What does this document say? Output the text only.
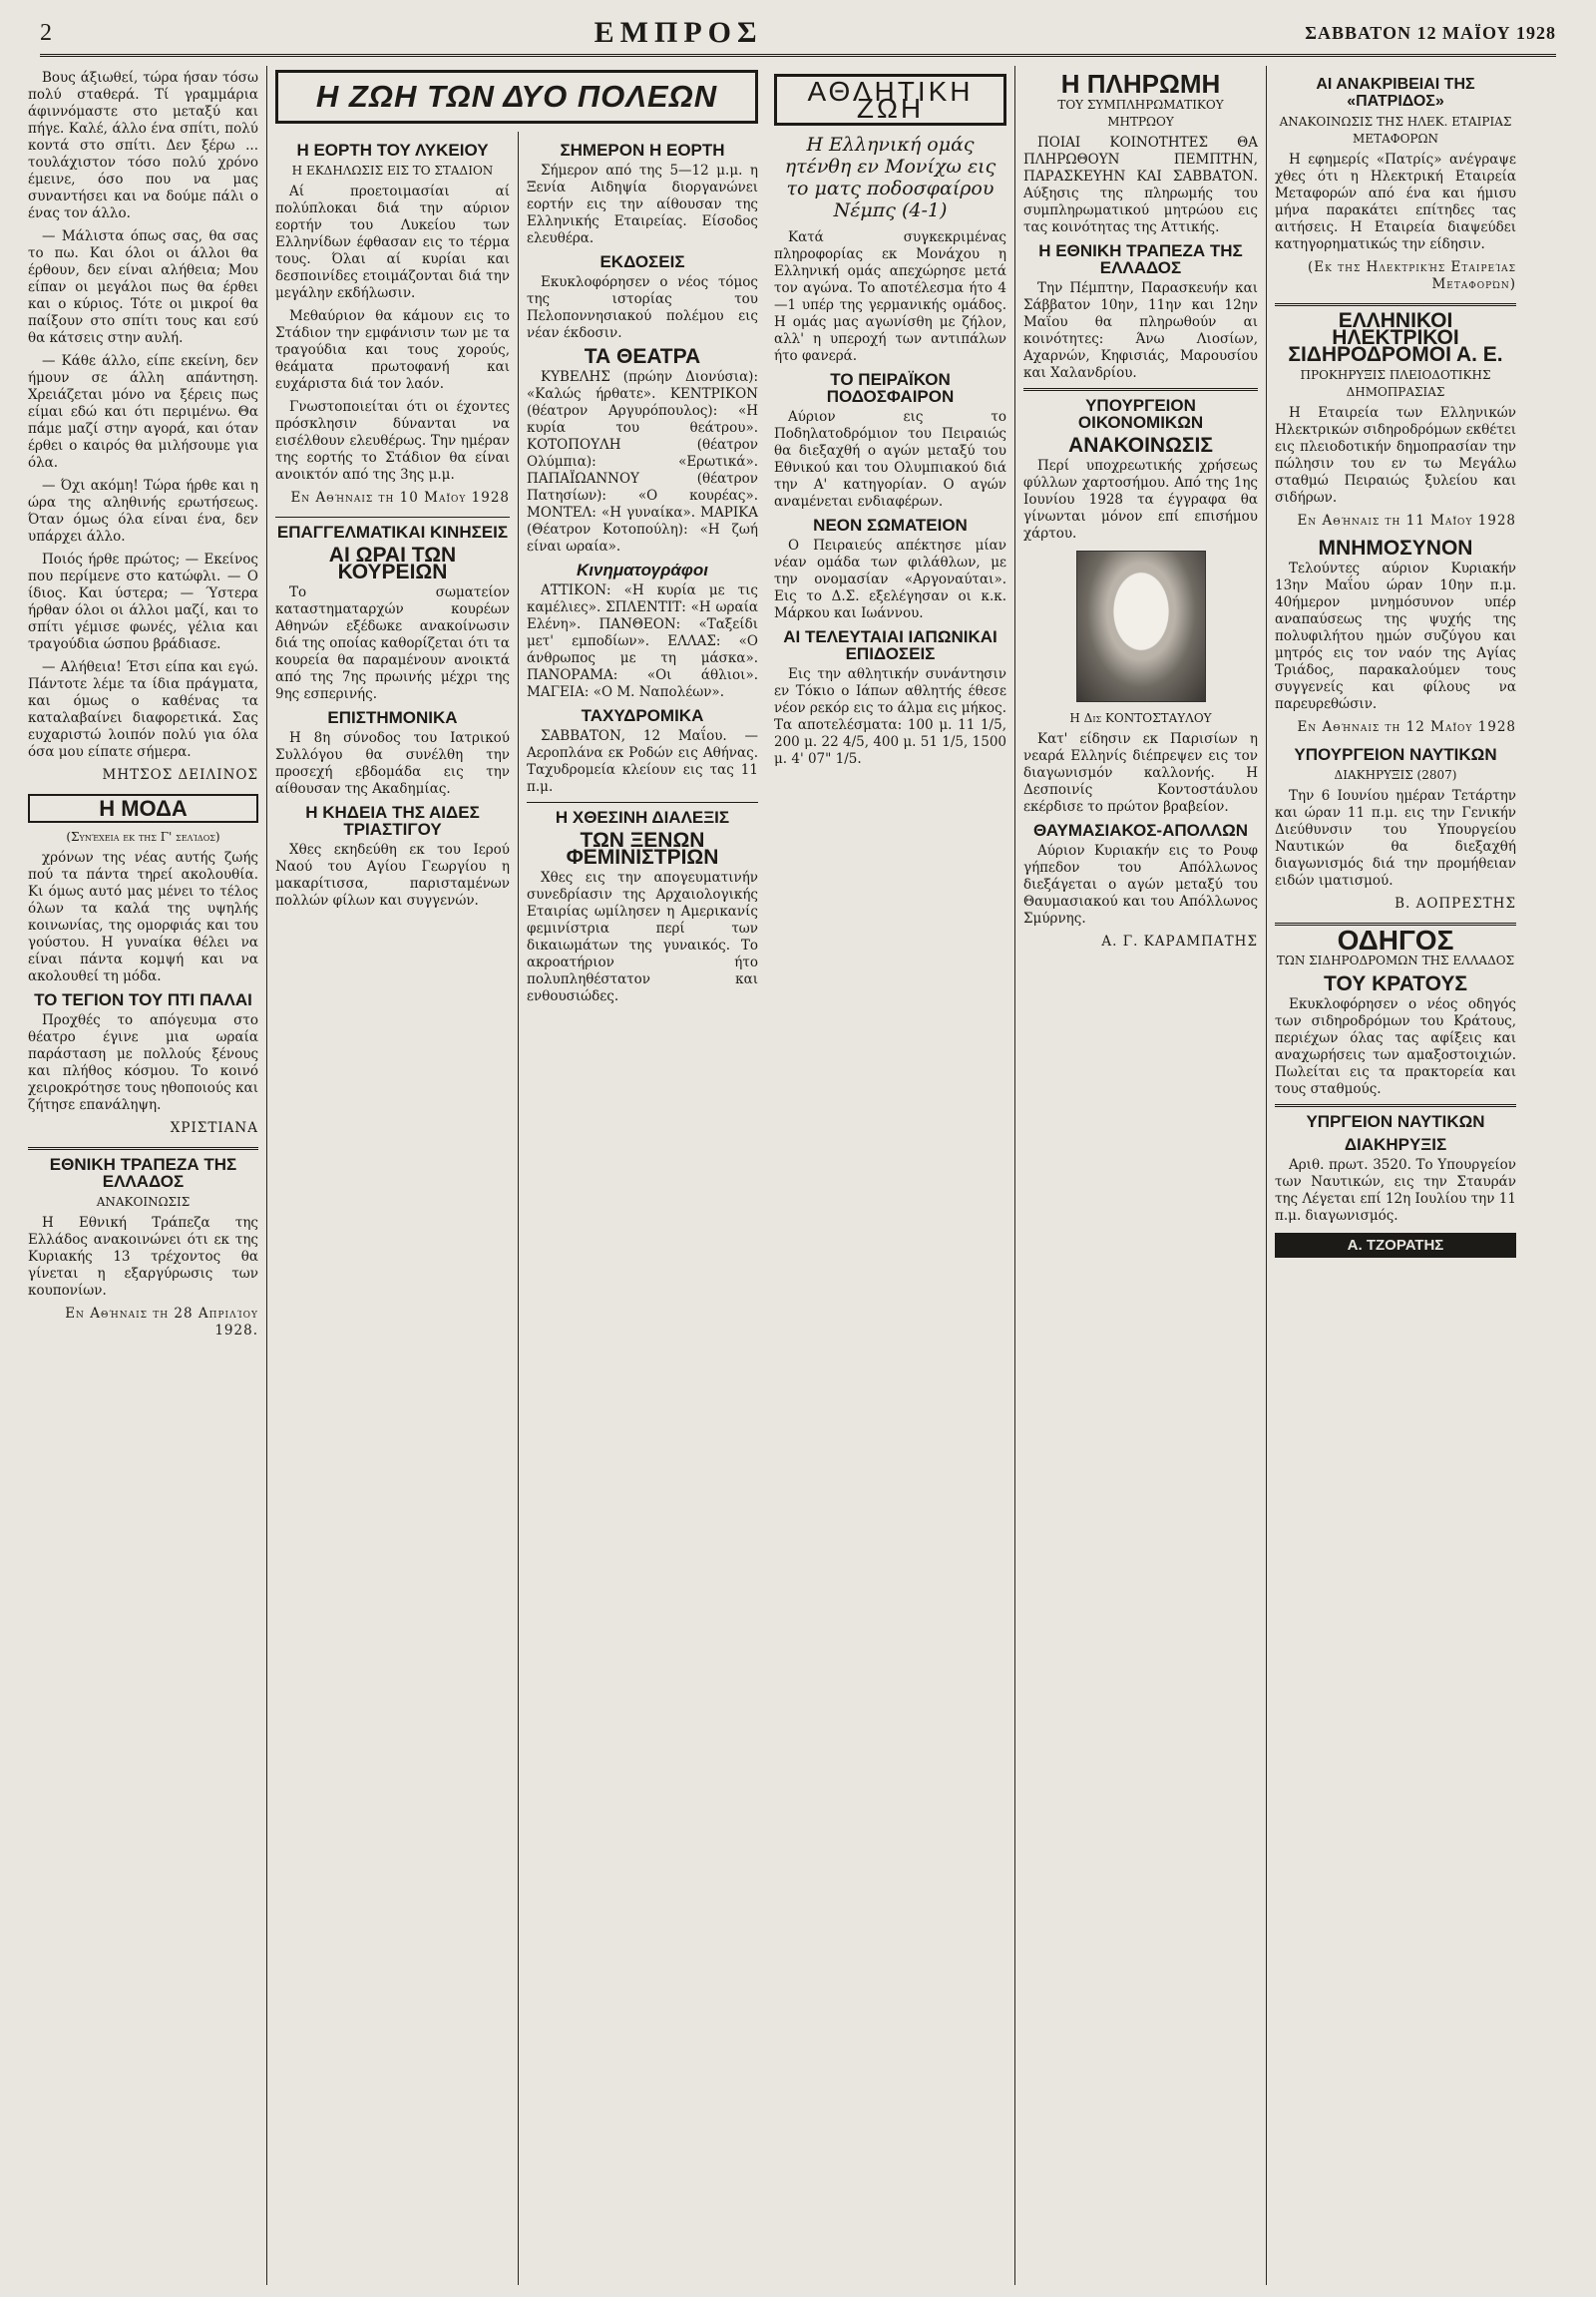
2	ΕΜΠΡΟΣ	ΣΑΒΒΑΤΟΝ 12 ΜΑΪΟΥ 1928

Βους άξιωθεί, τώρα ήσαν τόσω πολύ σταθερά. Τί γραμμάρια άφιννόμαστε στο μεταξύ και πήγε. Καλέ, άλλο ένα σπίτι, πολύ κοντά στο σπίτι. Δεν ξέρω ... τουλάχιστον τόσο πολύ χρόνο έμεινε, όσο που να μας συναντήσει και να δούμε πάλι ο ένας τον άλλο.

— Μάλιστα όπως σας, θα σας το πω. Και όλοι οι άλλοι θα έρθουν, δεν είναι αλήθεια; Μου είπαν οι μεγάλοι πως θα έρθει και ο κύριος. Τότε οι μικροί θα παίξουν στο σπίτι τους και εσύ θα κάτσεις στην αυλή.

— Κάθε άλλο, είπε εκείνη, δεν ήμουν σε άλλη απάντηση. Χρειάζεται μόνο να ξέρεις πως είμαι εδώ και ότι περιμένω. Θα πάμε μαζί στην αγορά, και όταν έρθει ο καιρός θα μιλήσουμε για όλα.

— Όχι ακόμη! Τώρα ήρθε και η ώρα της αληθινής ερωτήσεως. Όταν όμως όλα είναι ένα, δεν υπάρχει άλλο.

Ποιός ήρθε πρώτος; — Εκείνος που περίμενε στο κατώφλι. — Ο ίδιος. Και ύστερα; — Ύστερα ήρθαν όλοι οι άλλοι μαζί, και το σπίτι γέμισε φωνές, γέλια και τραγούδια ώσπου βράδιασε.

— Αλήθεια! Έτσι είπα και εγώ. Πάντοτε λέμε τα ίδια πράγματα, και όμως ο καθένας τα καταλαβαίνει διαφορετικά. Σας ευχαριστώ λοιπόν πολύ για όλα όσα μου είπατε σήμερα.

ΜΗΤΣΟΣ ΔΕΙΛΙΝΟΣ
Η ΜΟΔΑ
(Συνέχεια εκ της Γ' σελίδος)

χρόνων της νέας αυτής ζωής πού τα πάντα τηρεί ακολουθία. Κι όμως αυτό μας μένει το τέλος όλων τα καλά της υψηλής κοινωνίας, της ομορφιάς και του γούστου. Η γυναίκα θέλει να είναι πάντα κομψή και να ακολουθεί τη μόδα.

ΤΟ ΤΕΓΙΟΝ ΤΟΥ ΠΤΙ ΠΑΛΑΙ

Προχθές το απόγευμα στο θέατρο έγινε μια ωραία παράσταση με πολλούς ξένους και πλήθος κόσμου. Το κοινό χειροκρότησε τους ηθοποιούς και ζήτησε επανάληψη.

ΧΡΙΣΤΙΑΝΑ
ΕΘΝΙΚΗ ΤΡΑΠΕΖΑ ΤΗΣ ΕΛΛΑΔΟΣ
ΑΝΑΚΟΙΝΩΣΙΣ

Η Εθνική Τράπεζα της Ελλάδος ανακοινώνει ότι εκ της Κυριακής 13 τρέχοντος θα γίνεται η εξαργύρωσις των κουπονίων.

Εν Αθήναις τη 28 Απριλίου 1928.
Η ΖΩΗ ΤΩΝ ΔΥΟ ΠΟΛΕΩΝ
Η ΕΟΡΤΗ ΤΟΥ ΛΥΚΕΙΟΥ
Η ΕΚΔΗΛΩΣΙΣ ΕΙΣ ΤΟ ΣΤΑΔΙΟΝ

Αί προετοιμασίαι αί πολύπλοκαι διά την αύριον εορτήν του Λυκείου των Ελληνίδων έφθασαν εις το τέρμα τους. Όλαι αί κυρίαι και δεσποινίδες ετοιμάζονται διά την μεγάλην εκδήλωσιν.

Μεθαύριον θα κάμουν εις το Στάδιον την εμφάνισιν των με τα τραγούδια και τους χορούς, θεάματα πρωτοφανή και ευχάριστα διά τον λαόν.

Γνωστοποιείται ότι οι έχοντες πρόσκλησιν δύνανται να εισέλθουν ελευθέρως. Την ημέραν της εορτής το Στάδιον θα είναι ανοικτόν από της 3ης μ.μ.

Εν Αθήναις τη 10 Μαΐου 1928
ΕΠΑΓΓΕΛΜΑΤΙΚΑΙ ΚΙΝΗΣΕΙΣ
ΑΙ ΩΡΑΙ ΤΩΝ ΚΟΥΡΕΙΩΝ

Το σωματείον καταστηματαρχών κουρέων Αθηνών εξέδωκε ανακοίνωσιν διά της οποίας καθορίζεται ότι τα κουρεία θα παραμένουν ανοικτά από της 7ης πρωινής μέχρι της 9ης εσπερινής.

ΕΠΙΣΤΗΜΟΝΙΚΑ

Η 8η σύνοδος του Ιατρικού Συλλόγου θα συνέλθη την προσεχή εβδομάδα εις την αίθουσαν της Ακαδημίας.

Η ΚΗΔΕΙΑ ΤΗΣ ΑΙΔΕΣ ΤΡΙΑΣΤΙΓΟΥ

Χθες εκηδεύθη εκ του Ιερού Ναού του Αγίου Γεωργίου η μακαρίτισσα, παρισταμένων πολλών φίλων και συγγενών.

ΣΗΜΕΡΟΝ Η ΕΟΡΤΗ

Σήμερον από της 5—12 μ.μ. η Ξενία Αιδηψία διοργανώνει εορτήν εις την αίθουσαν της Ελληνικής Εταιρείας. Είσοδος ελευθέρα.

ΕΚΔΟΣΕΙΣ

Εκυκλοφόρησεν ο νέος τόμος της ιστορίας του Πελοποννησιακού πολέμου εις νέαν έκδοσιν.

ΤΑ ΘΕΑΤΡΑ

ΚΥΒΕΛΗΣ (πρώην Διονύσια): «Καλώς ήρθατε». ΚΕΝΤΡΙΚΟΝ (θέατρον Αργυρόπουλος): «Η κυρία του θεάτρου». ΚΟΤΟΠΟΥΛΗ (θέατρον Ολύμπια): «Ερωτικά». ΠΑΠΑΪΩΑΝΝΟΥ (θέατρον Πατησίων): «Ο κουρέας». ΜΟΝΤΕΛ: «Η γυναίκα». ΜΑΡΙΚΑ (Θέατρον Κοτοπούλη): «Η ζωή είναι ωραία».

Κινηματογράφοι

ΑΤΤΙΚΟΝ: «Η κυρία με τις καμέλιες». ΣΠΛΕΝΤΙΤ: «Η ωραία Ελένη». ΠΑΝΘΕΟΝ: «Ταξείδι μετ' εμποδίων». ΕΛΛΑΣ: «Ο άνθρωπος με τη μάσκα». ΠΑΝΟΡΑΜΑ: «Οι άθλιοι». ΜΑΓΕΙΑ: «Ο Μ. Ναπολέων».

ΤΑΧΥΔΡΟΜΙΚΑ

ΣΑΒΒΑΤΟΝ, 12 Μαΐου. — Αεροπλάνα εκ Ροδών εις Αθήνας. Ταχυδρομεία κλείουν εις τας 11 π.μ.

Η ΧΘΕΣΙΝΗ ΔΙΑΛΕΞΙΣ
ΤΩΝ ΞΕΝΩΝ ΦΕΜΙΝΙΣΤΡΙΩΝ

Χθες εις την απογευματινήν συνεδρίασιν της Αρχαιολογικής Εταιρίας ωμίλησεν η Αμερικανίς φεμινίστρια περί των δικαιωμάτων της γυναικός. Το ακροατήριον ήτο πολυπληθέστατον και ενθουσιώδες.

ΑΘΛΗΤΙΚΗ ΖΩΗ
Η Ελληνική ομάς ητένθη εν Μονίχω εις το ματς ποδοσφαίρου Νέμπς (4-1)

Κατά συγκεκριμένας πληροφορίας εκ Μονάχου η Ελληνική ομάς απεχώρησε μετά τον αγώνα. Το αποτέλεσμα ήτο 4—1 υπέρ της γερμανικής ομάδος. Η ομάς μας αγωνίσθη με ζήλον, αλλ' η υπεροχή των αντιπάλων ήτο φανερά.

ΤΟ ΠΕΙΡΑΪΚΟΝ ΠΟΔΟΣΦΑΙΡΟΝ

Αύριον εις το Ποδηλατοδρόμιον του Πειραιώς θα διεξαχθή ο αγών μεταξύ του Εθνικού και του Ολυμπιακού διά την Α' κατηγορίαν. Ο αγών αναμένεται ενδιαφέρων.

ΝΕΟΝ ΣΩΜΑΤΕΙΟΝ

Ο Πειραιεύς απέκτησε μίαν νέαν ομάδα των φιλάθλων, με την ονομασίαν «Αργοναύται». Εις το Δ.Σ. εξελέγησαν οι κ.κ. Μάρκου και Ιωάννου.

ΑΙ ΤΕΛΕΥΤΑΙΑΙ ΙΑΠΩΝΙΚΑΙ ΕΠΙΔΟΣΕΙΣ

Εις την αθλητικήν συνάντησιν εν Τόκιο ο Ιάπων αθλητής έθεσε νέον ρεκόρ εις το άλμα εις μήκος. Τα αποτελέσματα: 100 μ. 11 1/5, 200 μ. 22 4/5, 400 μ. 51 1/5, 1500 μ. 4' 07" 1/5.

Η ΠΛΗΡΩΜΗ
ΤΟΥ ΣΥΜΠΛΗΡΩΜΑΤΙΚΟΥ ΜΗΤΡΩΟΥ

ΠΟΙΑΙ ΚΟΙΝΟΤΗΤΕΣ ΘΑ ΠΛΗΡΩΘΟΥΝ ΠΕΜΠΤΗΝ, ΠΑΡΑΣΚΕΥΗΝ ΚΑΙ ΣΑΒΒΑΤΟΝ. Αύξησις της πληρωμής του συμπληρωματικού μητρώου εις τας κοινότητας της Αττικής.

Η ΕΘΝΙΚΗ ΤΡΑΠΕΖΑ ΤΗΣ ΕΛΛΑΔΟΣ

Την Πέμπτην, Παρασκευήν και Σάββατον 10ην, 11ην και 12ην Μαΐου θα πληρωθούν αι κοινότητες: Άνω Λιοσίων, Αχαρνών, Κηφισιάς, Μαρουσίου και Χαλανδρίου.

ΥΠΟΥΡΓΕΙΟΝ ΟΙΚΟΝΟΜΙΚΩΝ
ΑΝΑΚΟΙΝΩΣΙΣ

Περί υποχρεωτικής χρήσεως φύλλων χαρτοσήμου. Από της 1ης Ιουνίου 1928 τα έγγραφα θα γίνωνται μόνον επί επισήμου χάρτου.

Η Δις ΚΟΝΤΟΣΤΑΥΛΟΥ

Κατ' είδησιν εκ Παρισίων η νεαρά Ελληνίς διέπρεψεν εις τον διαγωνισμόν καλλονής. Η Δεσποινίς Κοντοστάυλου εκέρδισε το πρώτον βραβείον.

ΘΑΥΜΑΣΙΑΚΟΣ-ΑΠΟΛΛΩΝ

Αύριον Κυριακήν εις το Ρουφ γήπεδον του Απόλλωνος διεξάγεται ο αγών μεταξύ του Θαυμασιακού και του Απόλλωνος Σμύρνης.

Α. Γ. ΚΑΡΑΜΠΑΤΗΣ
ΑΙ ΑΝΑΚΡΙΒΕΙΑΙ ΤΗΣ «ΠΑΤΡΙΔΟΣ»
ΑΝΑΚΟΙΝΩΣΙΣ ΤΗΣ ΗΛΕΚ. ΕΤΑΙΡΙΑΣ ΜΕΤΑΦΟΡΩΝ

Η εφημερίς «Πατρίς» ανέγραψε χθες ότι η Ηλεκτρική Εταιρεία Μεταφορών από ένα και ήμισυ μήνα παρακάτει επίτηδες τας αιτήσεις. Η Εταιρεία διαψεύδει κατηγορηματικώς την είδησιν.

(Εκ της Ηλεκτρικής Εταιρείας Μεταφορών)
ΕΛΛΗΝΙΚΟΙ ΗΛΕΚΤΡΙΚΟΙ ΣΙΔΗΡΟΔΡΟΜΟΙ Α. Ε.
ΠΡΟΚΗΡΥΞΙΣ ΠΛΕΙΟΔΟΤΙΚΗΣ ΔΗΜΟΠΡΑΣΙΑΣ

Η Εταιρεία των Ελληνικών Ηλεκτρικών σιδηροδρόμων εκθέτει εις πλειοδοτικήν δημοπρασίαν την πώλησιν του εν τω Μεγάλω σταθμώ Πειραιώς ξυλείου και σιδήρων.

Εν Αθήναις τη 11 Μαΐου 1928
ΜΝΗΜΟΣΥΝΟΝ

Τελούντες αύριον Κυριακήν 13ην Μαΐου ώραν 10ην π.μ. 40ήμερον μνημόσυνον υπέρ αναπαύσεως της ψυχής της πολυφιλήτου ημών συζύγου και μητρός εις τον ναόν της Αγίας Τριάδος, παρακαλούμεν τους συγγενείς και φίλους να παρευρεθώσιν.

Εν Αθήναις τη 12 Μαΐου 1928
ΥΠΟΥΡΓΕΙΟΝ ΝΑΥΤΙΚΩΝ
ΔΙΑΚΗΡΥΞΙΣ (2807)

Την 6 Ιουνίου ημέραν Τετάρτην και ώραν 11 π.μ. εις την Γενικήν Διεύθυνσιν του Υπουργείου Ναυτικών θα διεξαχθή διαγωνισμός διά την προμήθειαν ειδών ιματισμού.

Β. ΑΟΠΡΕΣΤΗΣ
ΟΔΗΓΟΣ
ΤΩΝ ΣΙΔΗΡΟΔΡΟΜΩΝ ΤΗΣ ΕΛΛΑΔΟΣ
ΤΟΥ ΚΡΑΤΟΥΣ

Εκυκλοφόρησεν ο νέος οδηγός των σιδηροδρόμων του Κράτους, περιέχων όλας τας αφίξεις και αναχωρήσεις των αμαξοστοιχιών. Πωλείται εις τα πρακτορεία και τους σταθμούς.

ΥΠΡΓΕΙΟΝ ΝΑΥΤΙΚΩΝ
ΔΙΑΚΗΡΥΞΙΣ

Αριθ. πρωτ. 3520. Το Υπουργείον των Ναυτικών, εις την Σταυράν της Λέγεται επί 12η Ιουλίου την 11 π.μ. διαγωνισμός.

Α. ΤΖΟΡΑΤΗΣ
